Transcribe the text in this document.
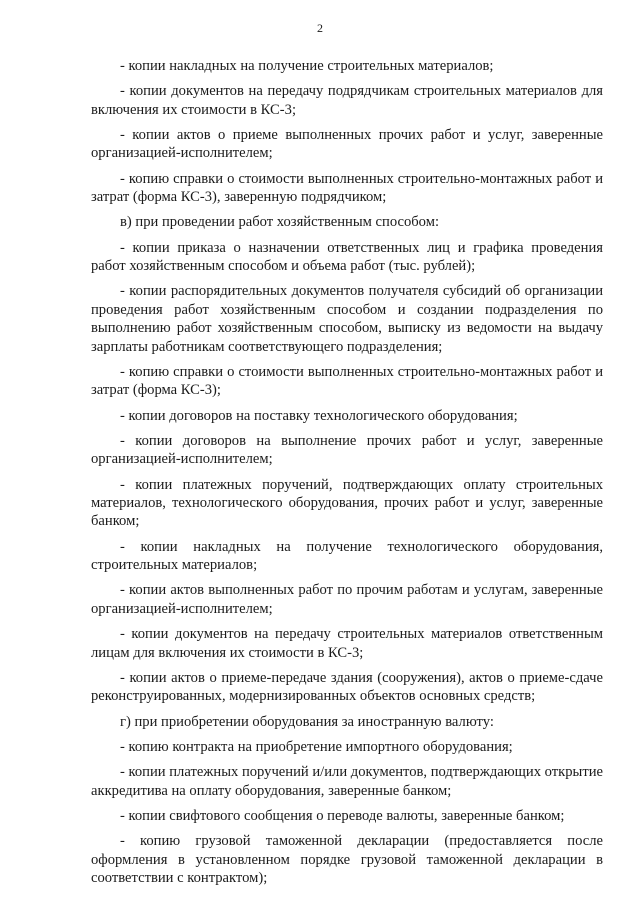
2

- копии накладных на получение строительных материалов;

- копии документов на передачу подрядчикам строительных материалов для включения их стоимости в КС-3;

- копии актов о приеме выполненных прочих работ и услуг, заверенные организацией-исполнителем;

- копию справки о стоимости выполненных строительно-монтажных работ и затрат (форма КС-3), заверенную подрядчиком;

в) при проведении работ хозяйственным способом:

- копии приказа о назначении ответственных лиц и графика проведения работ хозяйственным способом и объема работ (тыс. рублей);

- копии распорядительных документов получателя субсидий об организации проведения работ хозяйственным способом и создании подразделения по выполнению работ хозяйственным способом, выписку из ведомости на выдачу зарплаты работникам соответствующего подразделения;

- копию справки о стоимости выполненных строительно-монтажных работ и затрат (форма КС-3);

- копии договоров на поставку технологического оборудования;

- копии договоров на выполнение прочих работ и услуг, заверенные организацией-исполнителем;

- копии платежных поручений, подтверждающих оплату строительных материалов, технологического оборудования, прочих работ и услуг, заверенные банком;

- копии накладных на получение технологического оборудования, строительных материалов;

- копии актов выполненных работ по прочим работам и услугам, заверенные организацией-исполнителем;

- копии документов на передачу строительных материалов ответственным лицам для включения их стоимости в КС-3;

- копии актов о приеме-передаче здания (сооружения), актов о приеме-сдаче реконструированных, модернизированных объектов основных средств;

г) при приобретении оборудования за иностранную валюту:

- копию контракта на приобретение импортного оборудования;

- копии платежных поручений и/или документов, подтверждающих открытие аккредитива на оплату оборудования, заверенные банком;

- копии свифтового сообщения о переводе валюты, заверенные банком;

- копию грузовой таможенной декларации (предоставляется после оформления в установленном порядке грузовой таможенной декларации в соответствии с контрактом);
